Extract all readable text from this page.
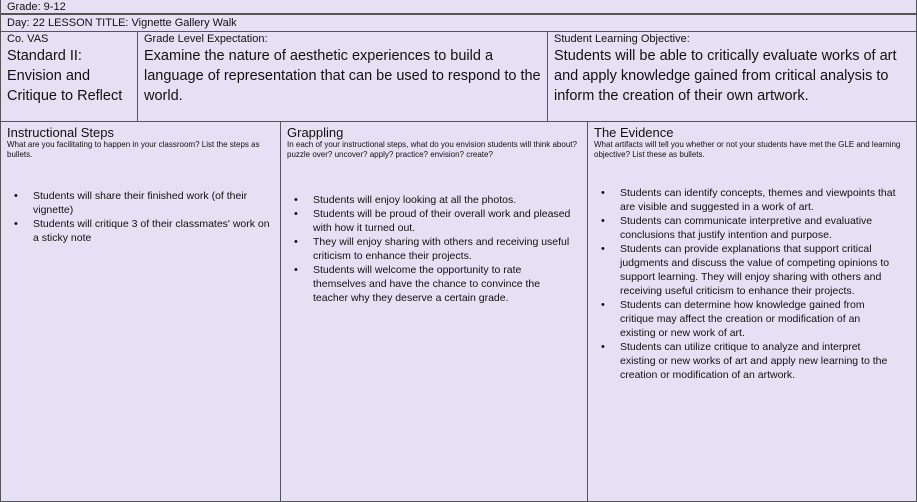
Grade: 9-12
Day: 22 LESSON TITLE: Vignette Gallery Walk
Co. VAS
Standard II: Envision and Critique to Reflect
Grade Level Expectation:
Examine the nature of aesthetic experiences to build a language of representation that can be used to respond to the world.
Student Learning Objective:
Students will be able to critically evaluate works of art and apply knowledge gained from critical analysis to inform the creation of their own artwork.
Instructional Steps
What are you facilitating to happen in your classroom? List the steps as bullets.
• Students will share their finished work (of their vignette)
• Students will critique 3 of their classmates' work on a sticky note
Grappling
In each of your instructional steps, what do you envision students will think about? puzzle over? uncover? apply? practice? envision? create?
• Students will enjoy looking at all the photos.
• Students will be proud of their overall work and pleased with how it turned out.
• They will enjoy sharing with others and receiving useful criticism to enhance their projects.
• Students will welcome the opportunity to rate themselves and have the chance to convince the teacher why they deserve a certain grade.
The Evidence
What artifacts will tell you whether or not your students have met the GLE and learning objective? List these as bullets.
• Students can identify concepts, themes and viewpoints that are visible and suggested in a work of art.
• Students can communicate interpretive and evaluative conclusions that justify intention and purpose.
• Students can provide explanations that support critical judgments and discuss the value of competing opinions to support learning. They will enjoy sharing with others and receiving useful criticism to enhance their projects.
• Students can determine how knowledge gained from critique may affect the creation or modification of an existing or new work of art.
• Students can utilize critique to analyze and interpret existing or new works of art and apply new learning to the creation or modification of an artwork.
